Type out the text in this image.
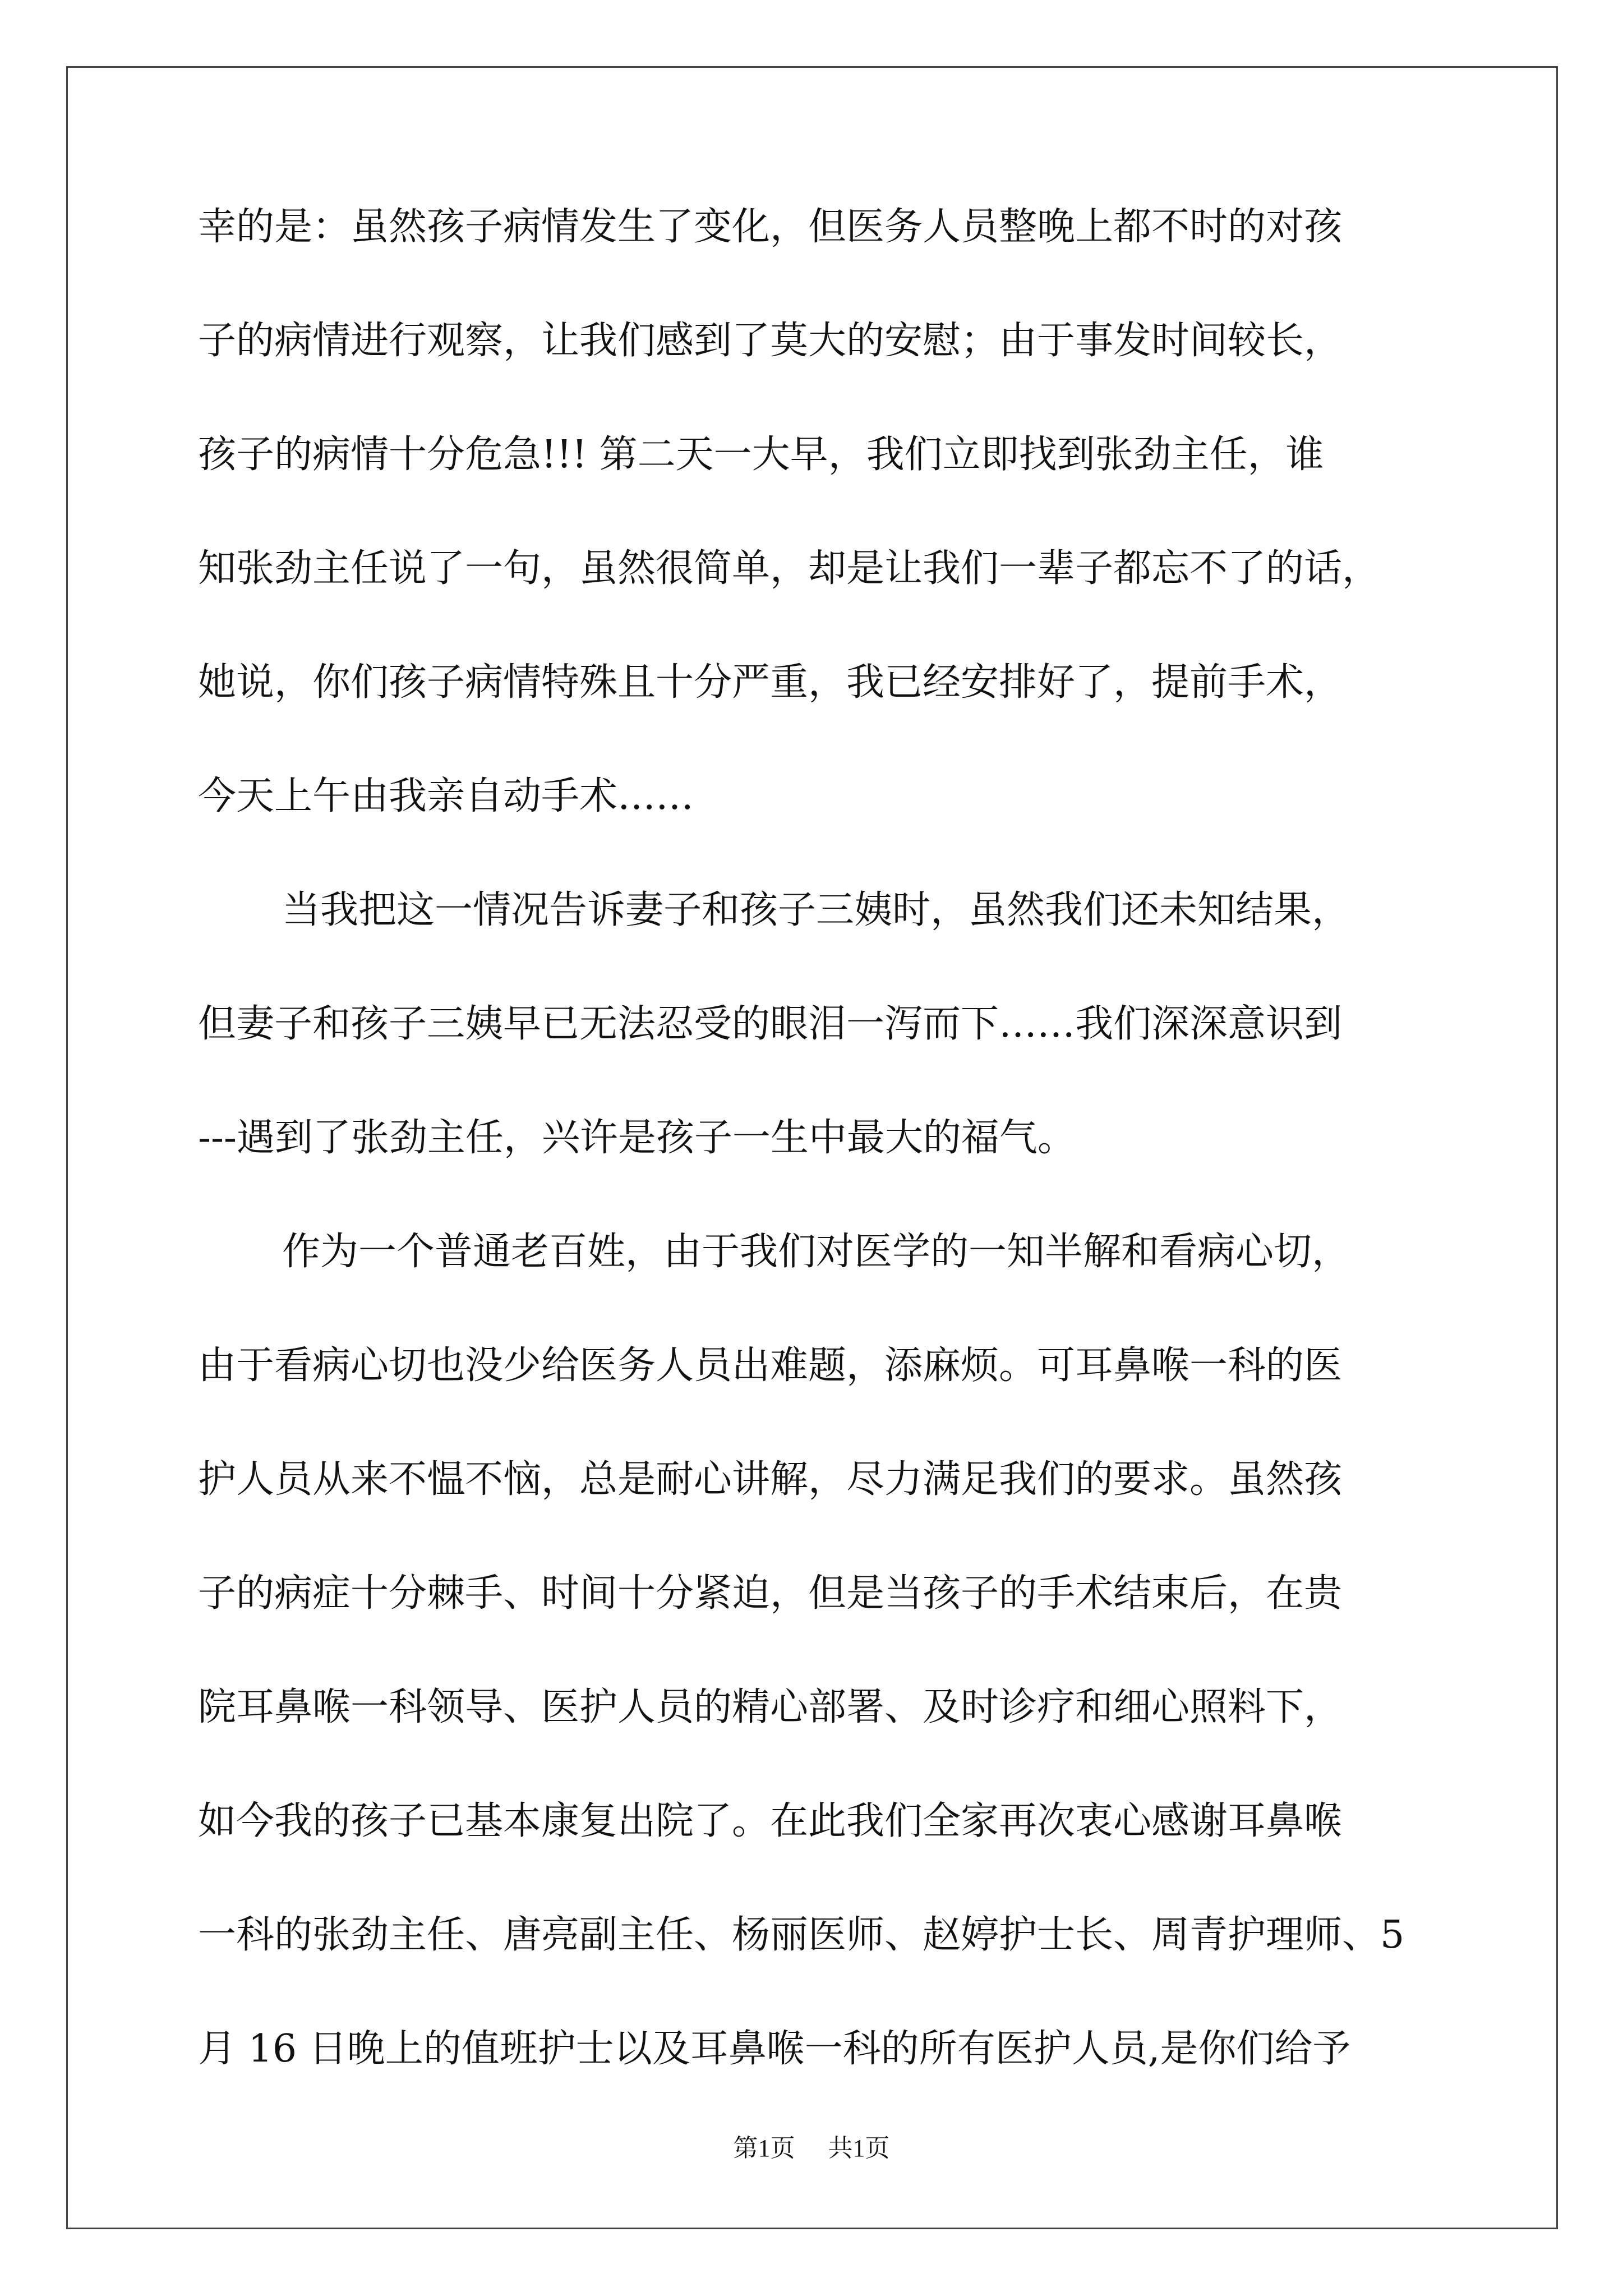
幸的是：虽然孩子病情发生了变化，但医务人员整晚上都不时的对孩
子的病情进行观察，让我们感到了莫大的安慰；由于事发时间较长，
孩子的病情十分危急!!! 第二天一大早，我们立即找到张劲主任，谁
知张劲主任说了一句，虽然很简单，却是让我们一辈子都忘不了的话，
她说，你们孩子病情特殊且十分严重，我已经安排好了，提前手术，
今天上午由我亲自动手术……
当我把这一情况告诉妻子和孩子三姨时，虽然我们还未知结果，
但妻子和孩子三姨早已无法忍受的眼泪一泻而下……我们深深意识到
---遇到了张劲主任，兴许是孩子一生中最大的福气。
作为一个普通老百姓，由于我们对医学的一知半解和看病心切，
由于看病心切也没少给医务人员出难题，添麻烦。可耳鼻喉一科的医
护人员从来不愠不恼，总是耐心讲解，尽力满足我们的要求。虽然孩
子的病症十分棘手、时间十分紧迫，但是当孩子的手术结束后，在贵
院耳鼻喉一科领导、医护人员的精心部署、及时诊疗和细心照料下，
如今我的孩子已基本康复出院了。在此我们全家再次衷心感谢耳鼻喉
一科的张劲主任、唐亮副主任、杨丽医师、赵婷护士长、周青护理师、5
月 16 日晚上的值班护士以及耳鼻喉一科的所有医护人员,是你们给予
第1页 共1页
